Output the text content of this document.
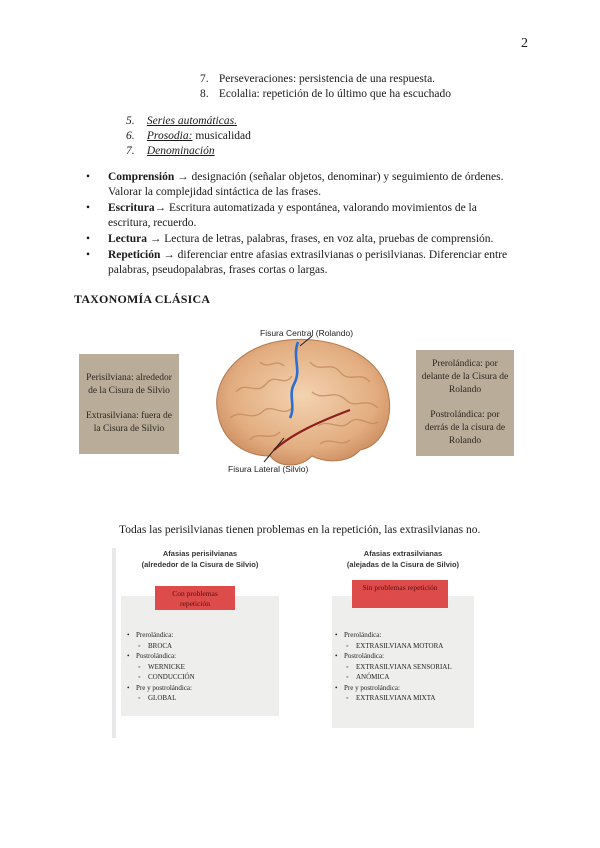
2
7. Perseveraciones: persistencia de una respuesta.
8. Ecolalia: repetición de lo último que ha escuchado
5. Series automáticas.
6. Prosodia: musicalidad
7. Denominación
• Comprensión → designación (señalar objetos, denominar) y seguimiento de órdenes. Valorar la complejidad sintáctica de las frases.
• Escritura→ Escritura automatizada y espontánea, valorando movimientos de la escritura, recuerdo.
• Lectura → Lectura de letras, palabras, frases, en voz alta, pruebas de comprensión.
• Repetición → diferenciar entre afasias extrasilvianas o perisilvianas. Diferenciar entre palabras, pseudopalabras, frases cortas o largas.
TAXONOMÍA CLÁSICA

Perisilviana: alrededor de la Cisura de Silvio

Extrasilviana: fuera de la Cisura de Silvio

Fisura Central (Rolando)
Fisura Lateral (Silvio)

Prerolándica: por delante de la Cisura de Rolando

Postrolándica: por derrás de la cisura de Rolando

Todas las perisilvianas tienen problemas en la repetición, las extrasilvianas no.
Afasias perisilvianas
(alrededor de la Cisura de Silvio)
Con problemas repetición
• Prerolándica:
◦ BROCA
• Postrolándica:
◦ WERNICKE
◦ CONDUCCIÓN
• Pre y postrolándica:
◦ GLOBAL
Afasias extrasilvianas
(alejadas de la Cisura de Silvio)
Sin problemas repetición
• Prerolándica:
◦ EXTRASILVIANA MOTORA
• Postrolándica:
◦ EXTRASILVIANA SENSORIAL
◦ ANÓMICA
• Pre y postrolándica:
◦ EXTRASILVIANA MIXTA
